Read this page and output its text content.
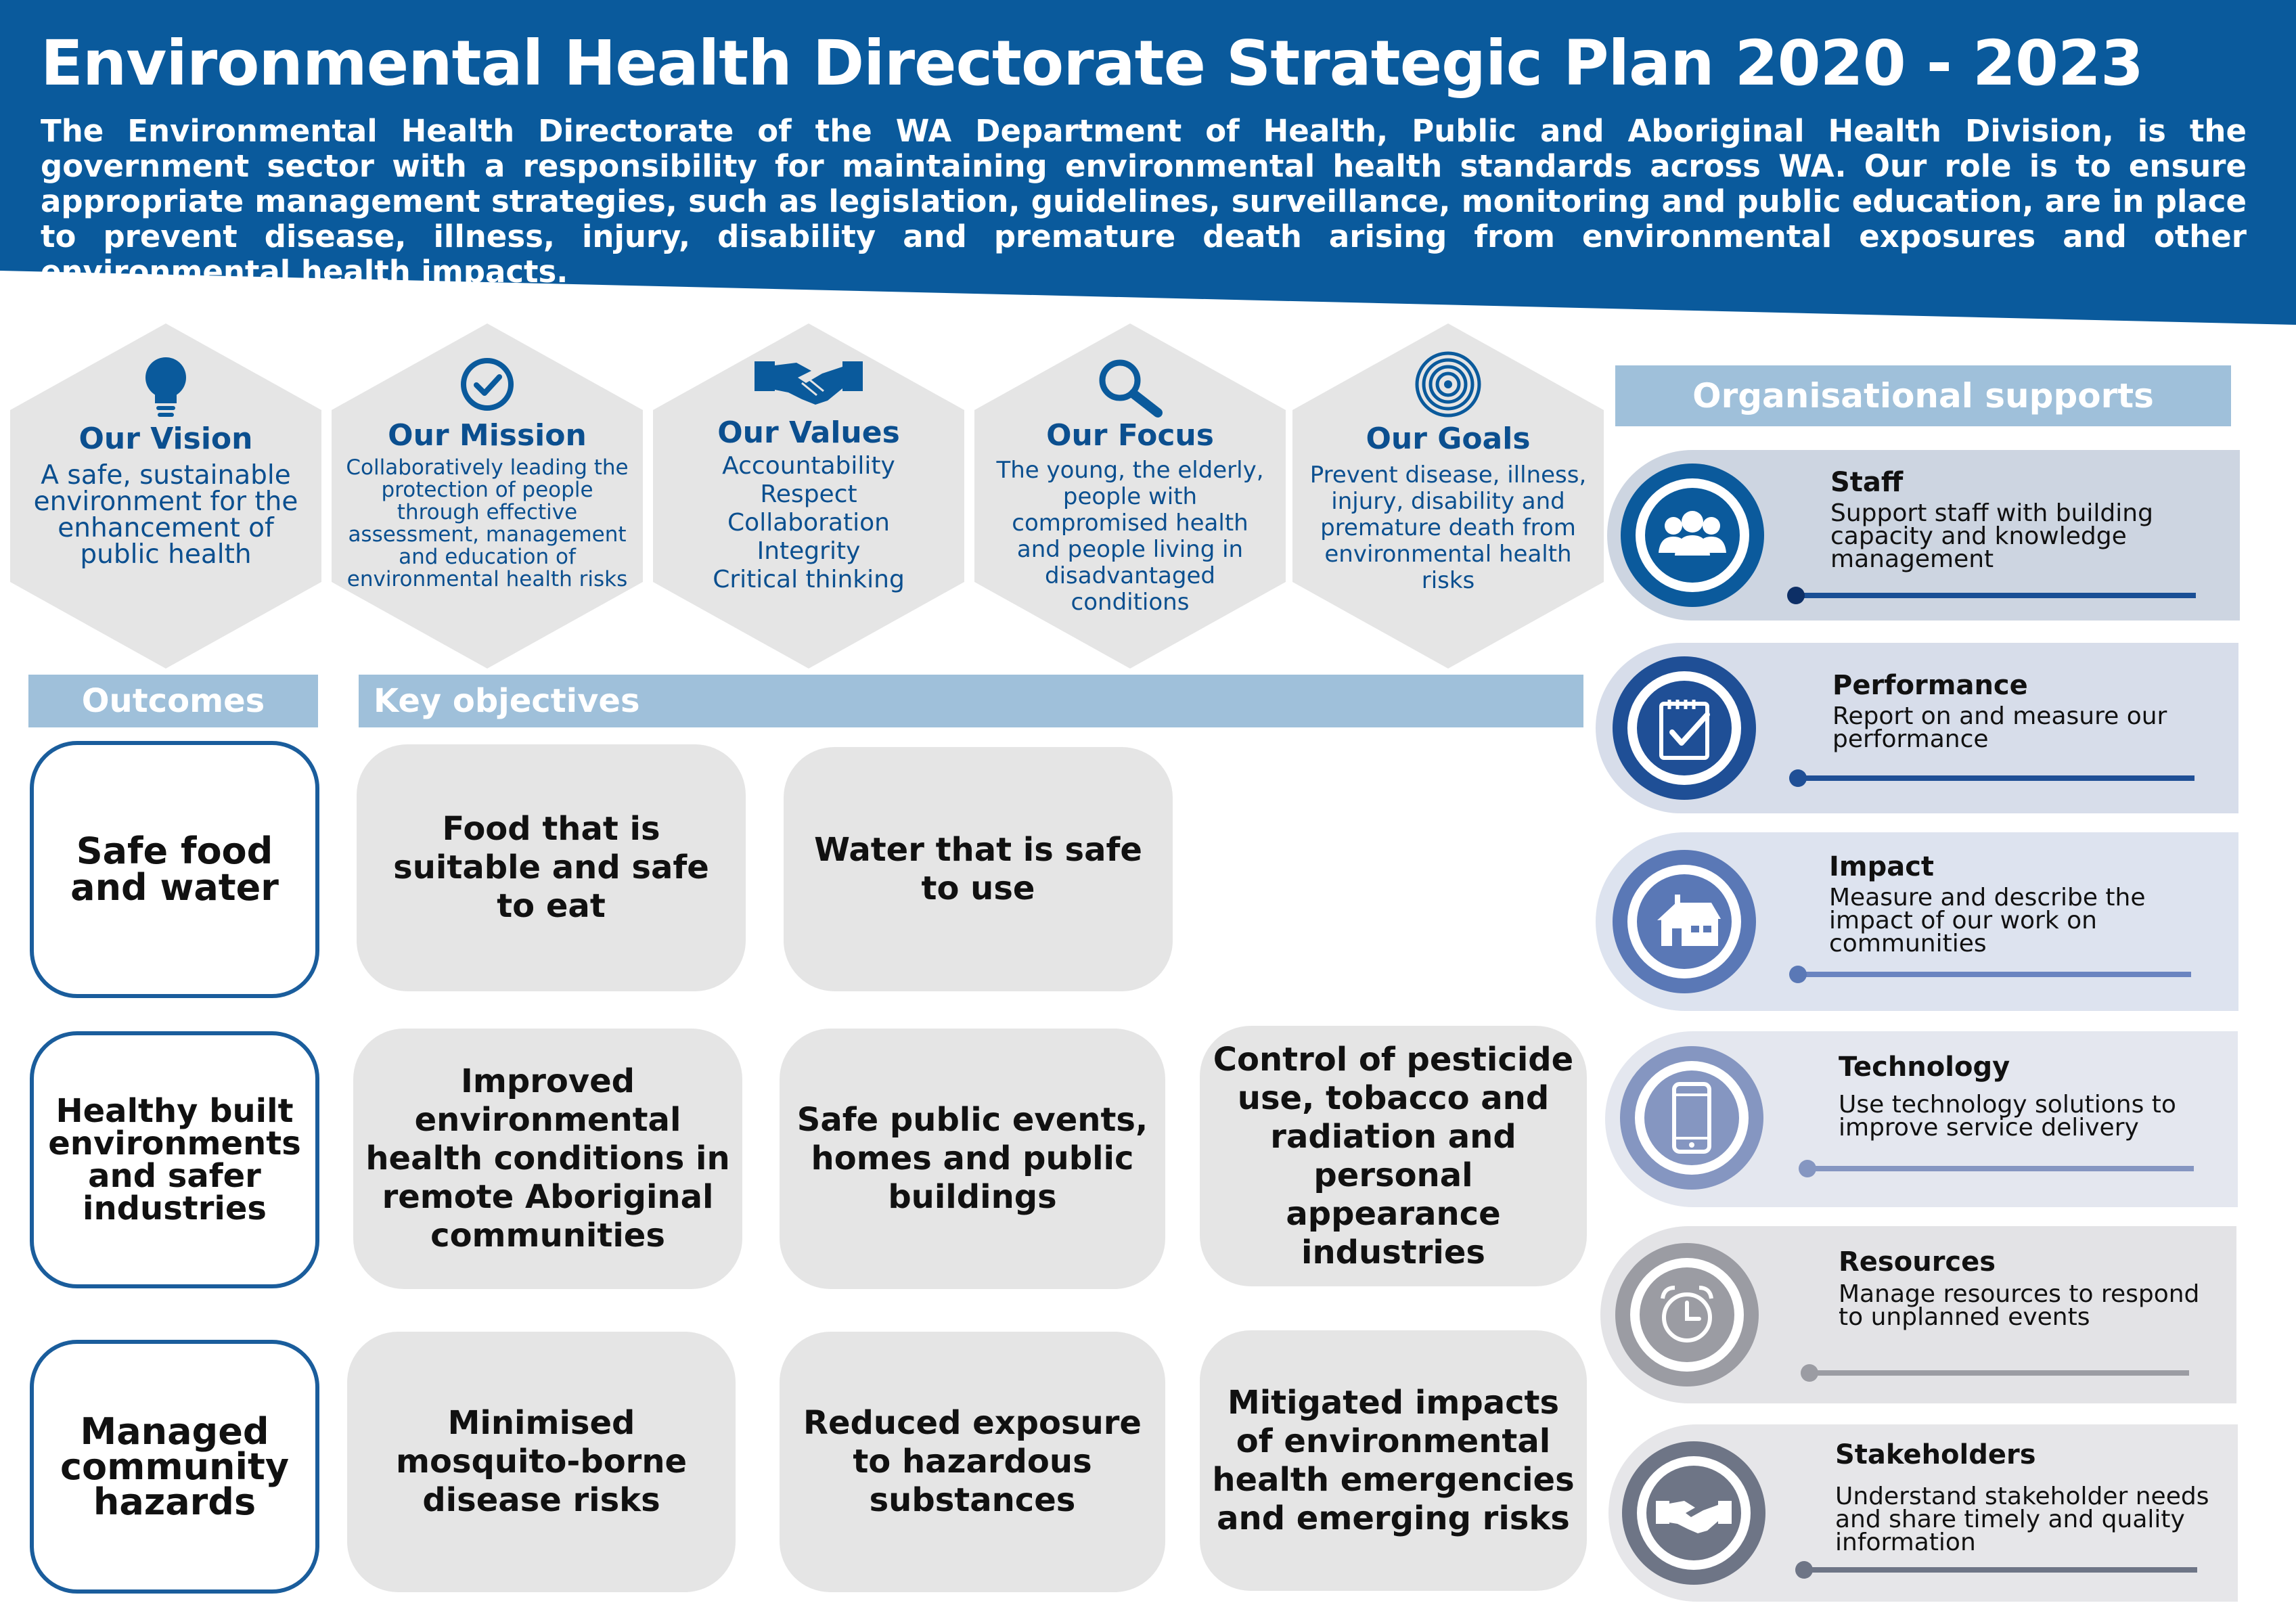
Environmental Health Directorate Strategic Plan 2020 - 2023

The Environmental Health Directorate of the WA Department of Health, Public and Aboriginal Health Division, is the government sector with a responsibility for maintaining environmental health standards across WA. Our role is to ensure appropriate management strategies, such as legislation, guidelines, surveillance, monitoring and public education, are in place to prevent disease, illness, injury, disability and premature death arising from environmental exposures and other environmental health impacts.

Our Vision
A safe, sustainable environment for the enhancement of public health
Our Mission
Collaboratively leading the protection of people through effective assessment, management and education of environmental health risks
Our Values
Accountability
Respect
Collaboration
Integrity
Critical thinking
Our Focus
The young, the elderly, people with compromised health and people living in disadvantaged conditions
Our Goals
Prevent disease, illness, injury, disability and premature death from environmental health risks
Outcomes	Key objectives
Safe food and water
Healthy built environments and safer industries
Managed community hazards
Food that is suitable and safe to eat
Water that is safe to use
Improved environmental health conditions in remote Aboriginal communities
Safe public events, homes and public buildings
Control of pesticide use, tobacco and radiation and personal appearance industries
Minimised mosquito-borne disease risks
Reduced exposure to hazardous substances
Mitigated impacts of environmental health emergencies and emerging risks
Organisational supports
Staff
Support staff with building capacity and knowledge management
Performance
Report on and measure our performance
Impact
Measure and describe the impact of our work on communities
Technology
Use technology solutions to improve service delivery
Resources
Manage resources to respond to unplanned events
Stakeholders
Understand stakeholder needs and share timely and quality information
